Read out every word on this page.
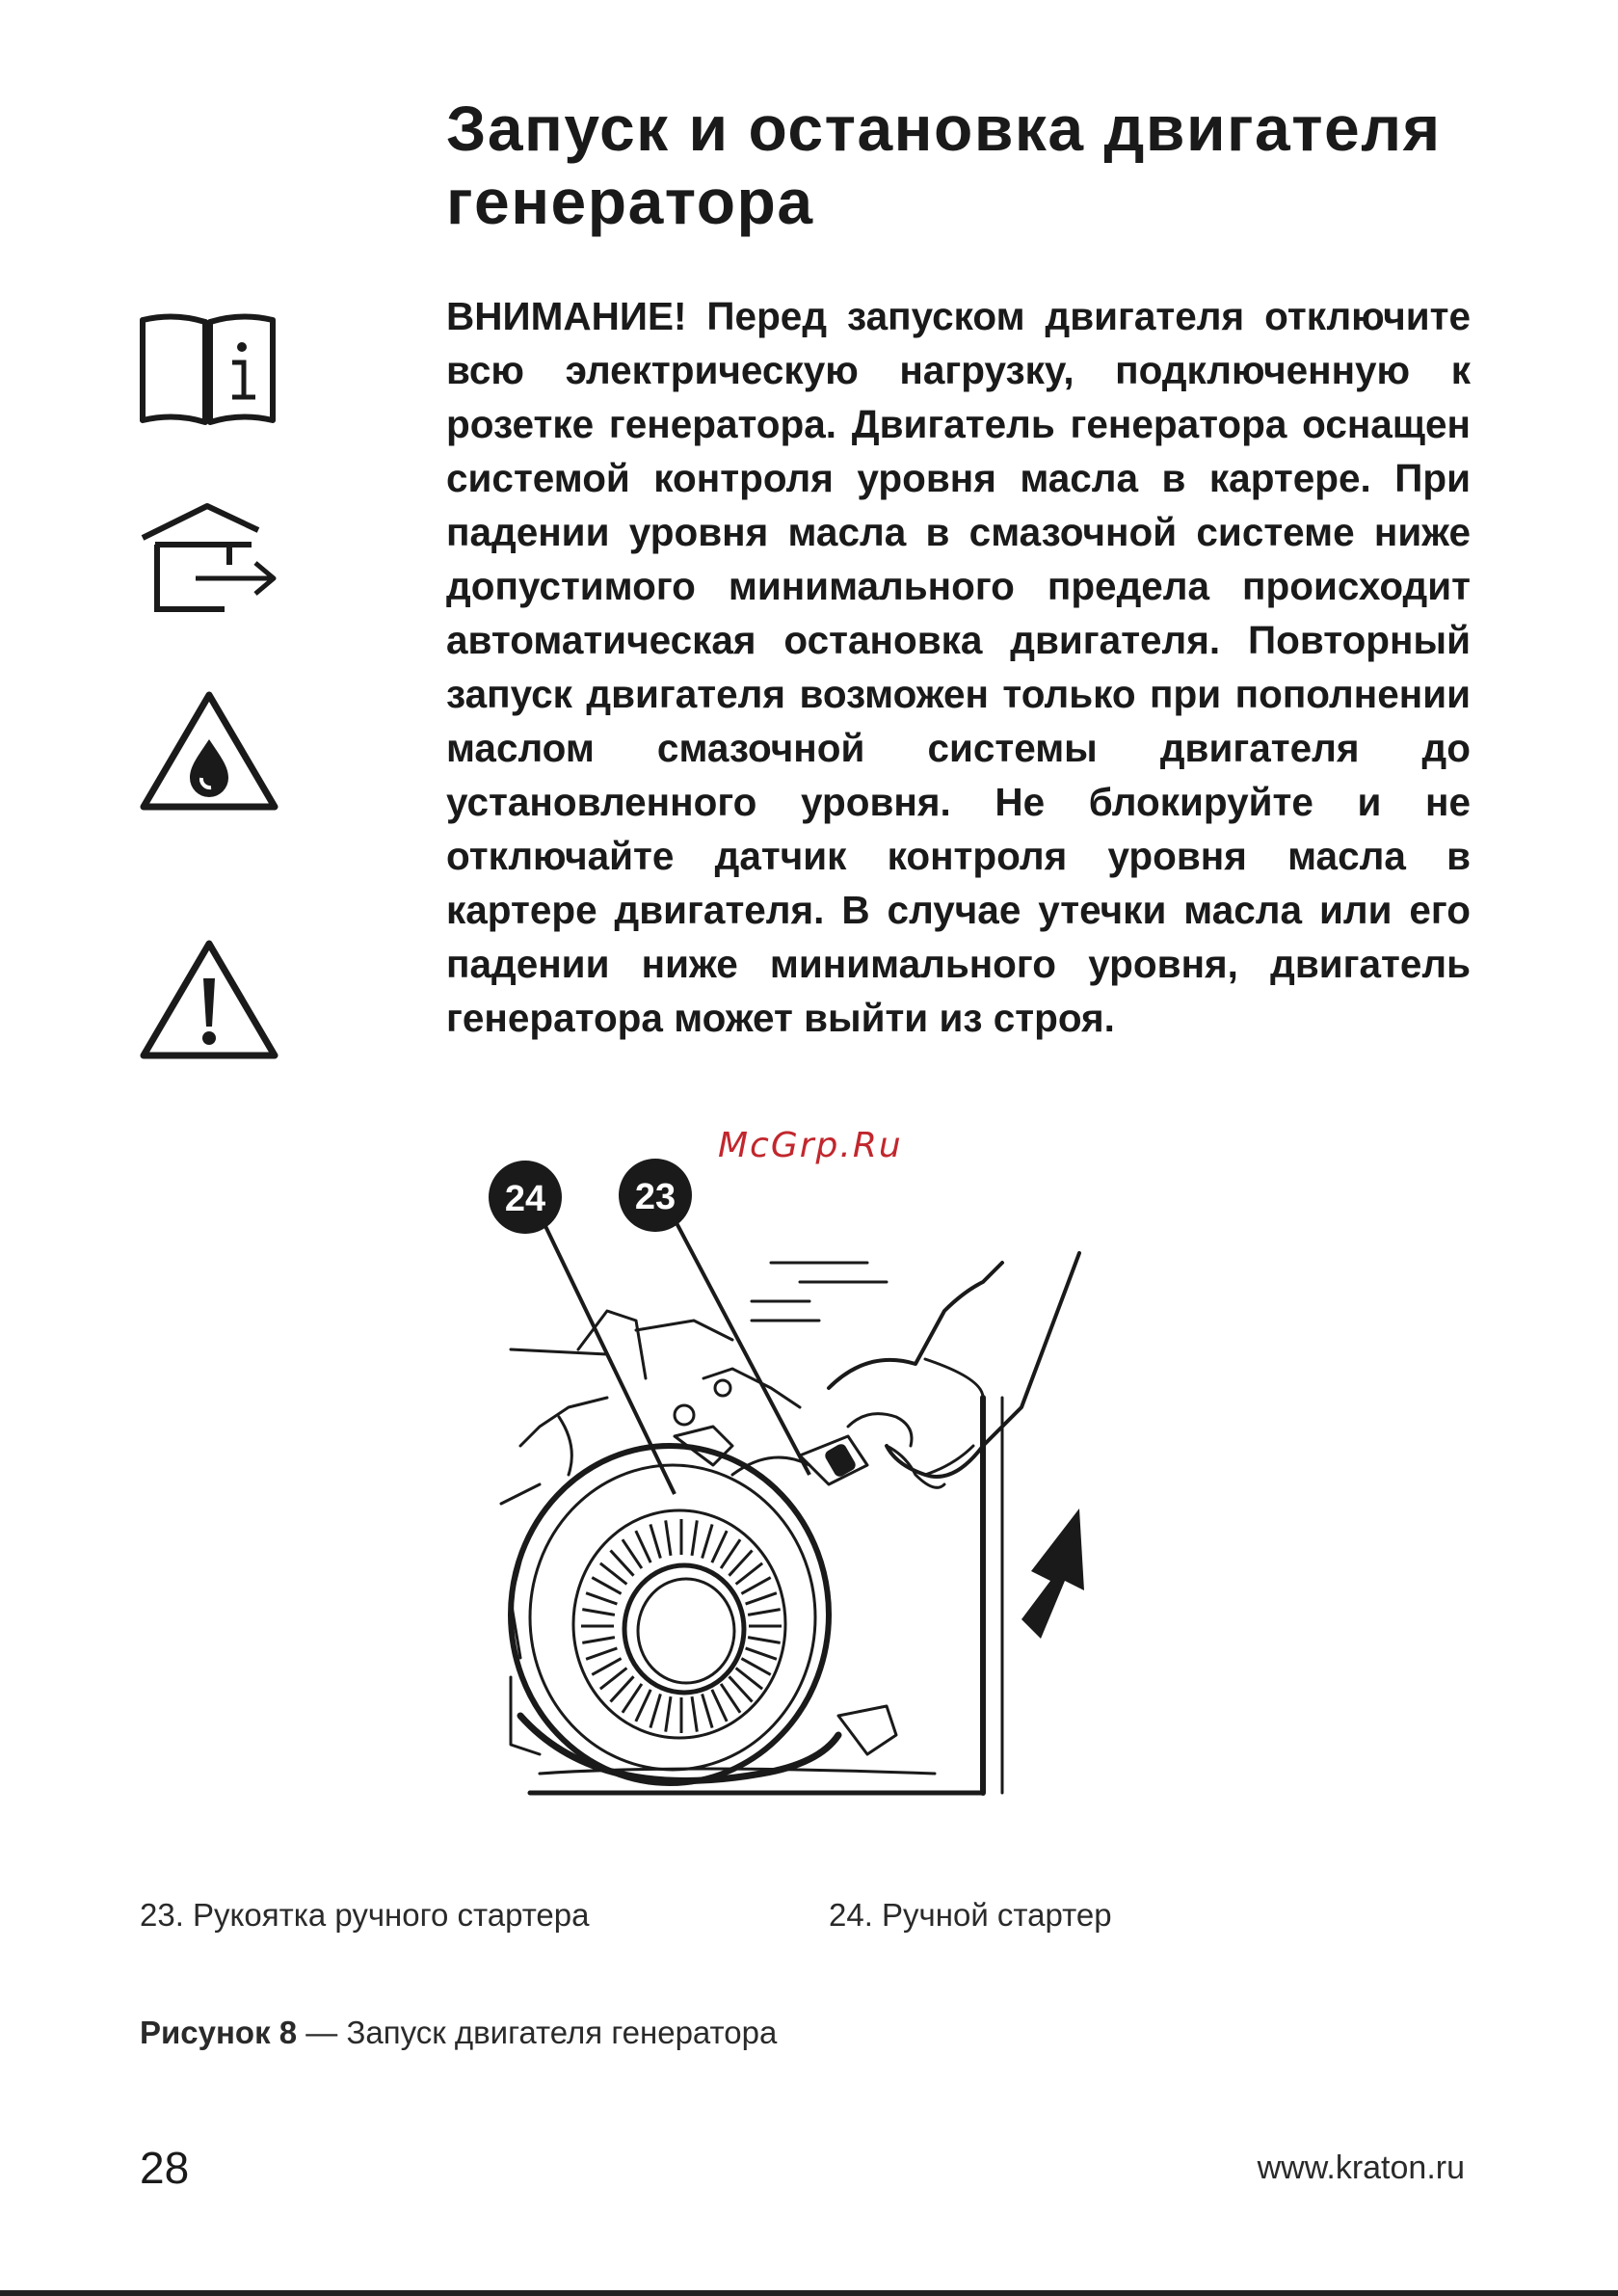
Запуск и остановка двигателя генератора

ВНИМАНИЕ! Перед запуском двигателя отключите всю электрическую нагрузку, подключенную к розетке генератора. Двигатель генератора оснащен системой контроля уровня масла в картере. При падении уровня масла в смазочной системе ниже допустимого минимального предела происходит автоматическая остановка двигателя. Повторный запуск двигателя возможен только при пополнении маслом смазочной системы двигателя до установленного уровня. Не блокируйте и не отключайте датчик контроля уровня масла в картере двигателя. В случае утечки масла или его падении ниже минимального уровня, двигатель генератора может выйти из строя.

McGrp.Ru
24 23
23. Рукоятка ручного стартера	24. Ручной стартер
Рисунок 8 — Запуск двигателя генератора
28	www.kraton.ru
